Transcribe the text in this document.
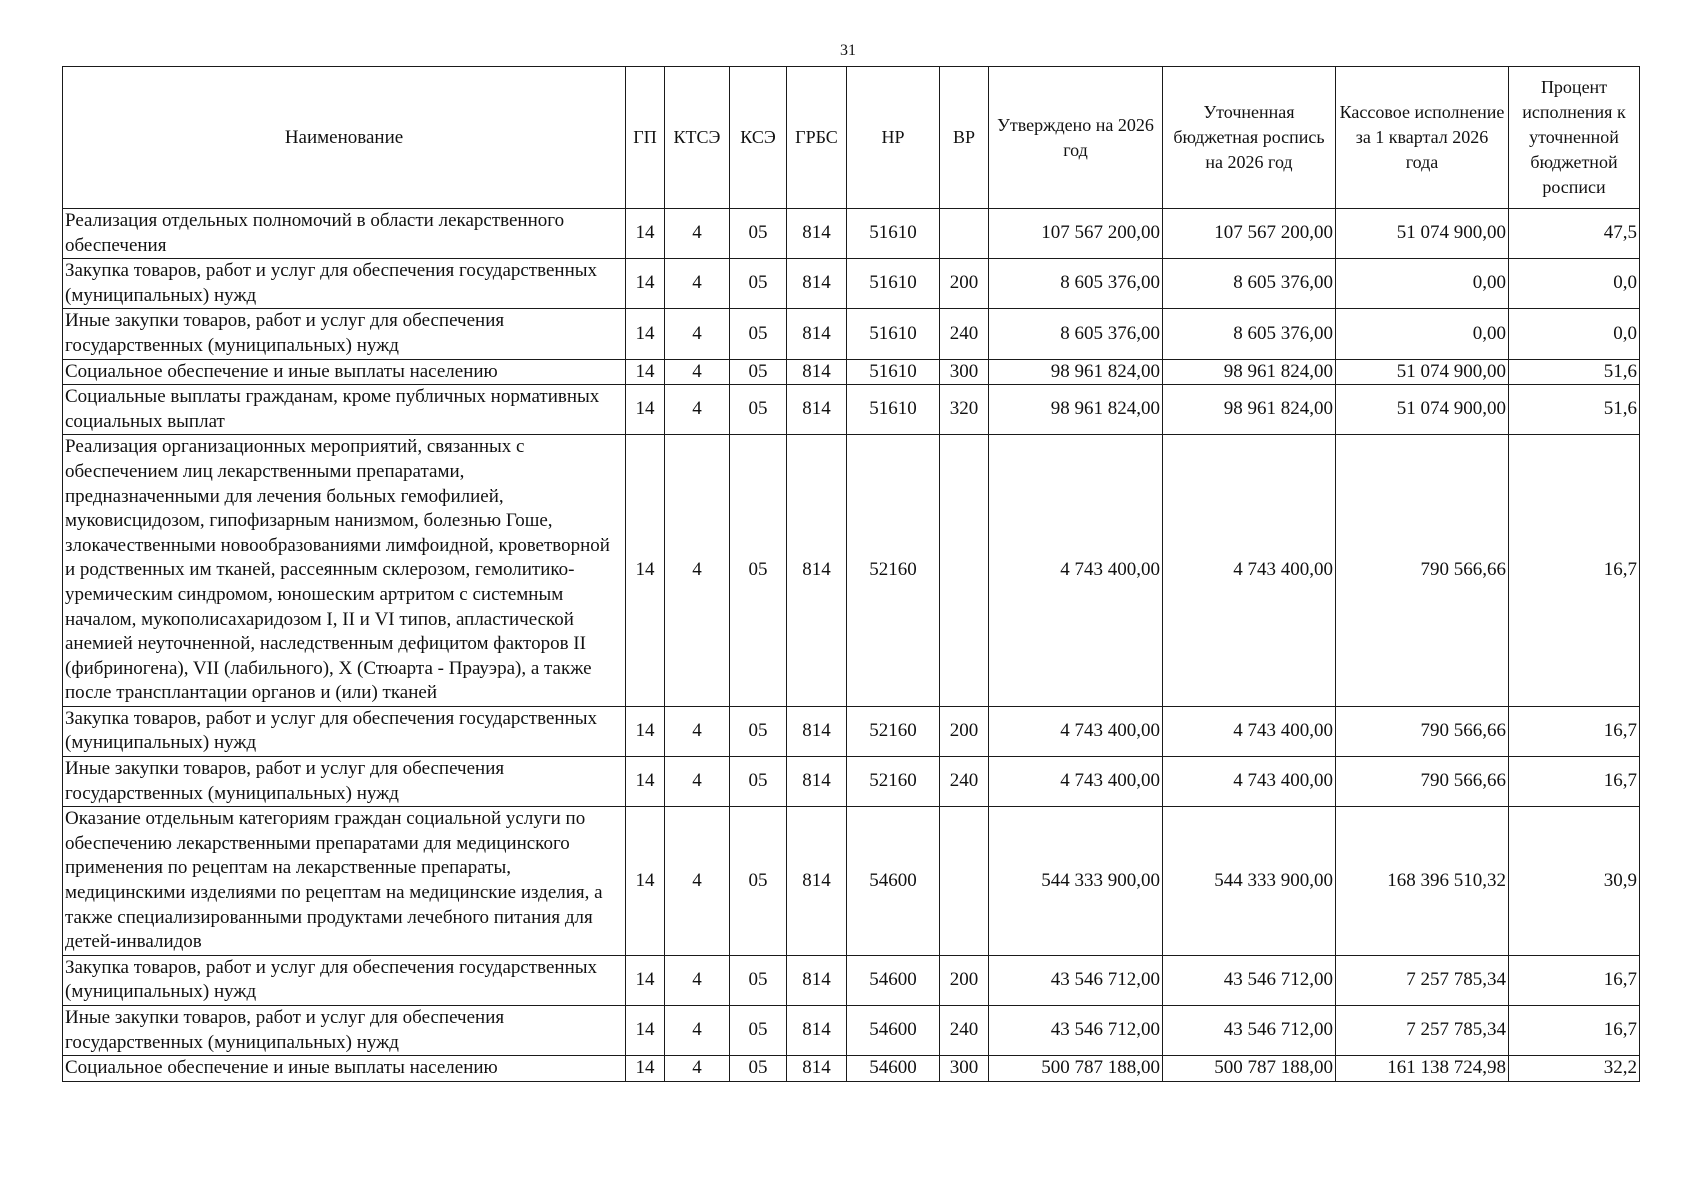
31
Наименование	ГП	КТСЭ	КСЭ	ГРБС	НР	ВР	Утверждено на 2026 год	Уточненная бюджетная роспись на 2026 год	Кассовое исполнение за 1 квартал 2026 года	Процент исполнения к уточненной бюджетной росписи
Реализация отдельных полномочий в области лекарственного обеспечения	14	4	05	814	51610		107 567 200,00	107 567 200,00	51 074 900,00	47,5
Закупка товаров, работ и услуг для обеспечения государственных (муниципальных) нужд	14	4	05	814	51610	200	8 605 376,00	8 605 376,00	0,00	0,0
Иные закупки товаров, работ и услуг для обеспечения государственных (муниципальных) нужд	14	4	05	814	51610	240	8 605 376,00	8 605 376,00	0,00	0,0
Социальное обеспечение и иные выплаты населению	14	4	05	814	51610	300	98 961 824,00	98 961 824,00	51 074 900,00	51,6
Социальные выплаты гражданам, кроме публичных нормативных социальных выплат	14	4	05	814	51610	320	98 961 824,00	98 961 824,00	51 074 900,00	51,6
Реализация организационных мероприятий, связанных с обеспечением лиц лекарственными препаратами, предназначенными для лечения больных гемофилией, муковисцидозом, гипофизарным нанизмом, болезнью Гоше, злокачественными новообразованиями лимфоидной, кроветворной и родственных им тканей, рассеянным склерозом, гемолитико-уремическим синдромом, юношеским артритом с системным началом, мукополисахаридозом I, II и VI типов, апластической анемией неуточненной, наследственным дефицитом факторов II (фибриногена), VII (лабильного), X (Стюарта - Прауэра), а также после трансплантации органов и (или) тканей	14	4	05	814	52160		4 743 400,00	4 743 400,00	790 566,66	16,7
Закупка товаров, работ и услуг для обеспечения государственных (муниципальных) нужд	14	4	05	814	52160	200	4 743 400,00	4 743 400,00	790 566,66	16,7
Иные закупки товаров, работ и услуг для обеспечения государственных (муниципальных) нужд	14	4	05	814	52160	240	4 743 400,00	4 743 400,00	790 566,66	16,7
Оказание отдельным категориям граждан социальной услуги по обеспечению лекарственными препаратами для медицинского применения по рецептам на лекарственные препараты, медицинскими изделиями по рецептам на медицинские изделия, а также специализированными продуктами лечебного питания для детей-инвалидов	14	4	05	814	54600		544 333 900,00	544 333 900,00	168 396 510,32	30,9
Закупка товаров, работ и услуг для обеспечения государственных (муниципальных) нужд	14	4	05	814	54600	200	43 546 712,00	43 546 712,00	7 257 785,34	16,7
Иные закупки товаров, работ и услуг для обеспечения государственных (муниципальных) нужд	14	4	05	814	54600	240	43 546 712,00	43 546 712,00	7 257 785,34	16,7
Социальное обеспечение и иные выплаты населению	14	4	05	814	54600	300	500 787 188,00	500 787 188,00	161 138 724,98	32,2
